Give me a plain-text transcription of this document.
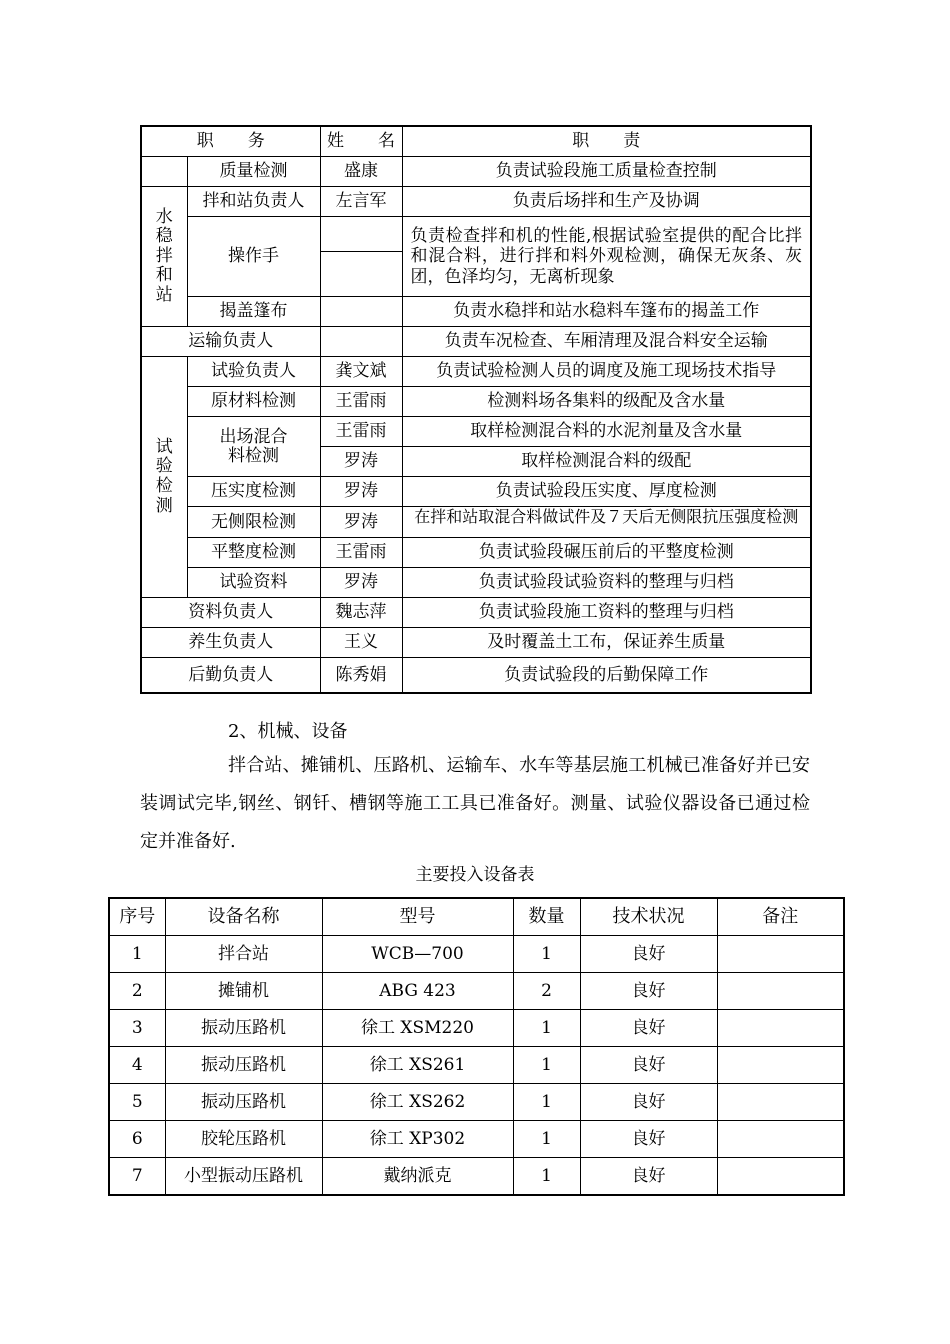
职　　务		姓　　名	职　　责
	质量检测	盛康	负责试验段施工质量检查控制

水稳拌和站	拌和站负责人	左言军	负责后场拌和生产及协调
	操作手		负责检查拌和机的性能,根据试验室提供的配合比拌和混合料，进行拌和料外观检测，确保无灰条、灰团，色泽均匀，无离析现象

	揭盖篷布		负责水稳拌和站水稳料车篷布的揭盖工作
运输负责人			负责车况检查、车厢清理及混合料安全运输

试验检测	试验负责人	龚文斌	负责试验检测人员的调度及施工现场技术指导
	原材料检测	王雷雨	检测料场各集料的级配及含水量

	出场混合料检测	王雷雨	取样检测混合料的水泥剂量及含水量
		罗涛	取样检测混合料的级配
	压实度检测	罗涛	负责试验段压实度、厚度检测
	无侧限检测	罗涛	在拌和站取混合料做试件及７天后无侧限抗压强度检测

	平整度检测	王雷雨	负责试验段碾压前后的平整度检测
	试验资料	罗涛	负责试验段试验资料的整理与归档
资料负责人		魏志萍	负责试验段施工资料的整理与归档
养生负责人		王义	及时覆盖土工布，保证养生质量
后勤负责人		陈秀娟	负责试验段的后勤保障工作
2、机械、设备
拌合站、摊铺机、压路机、运输车、水车等基层施工机械已准备好并已安装调试完毕,钢丝、钢钎、槽钢等施工工具已准备好。测量、试验仪器设备已通过检定并准备好.
主要投入设备表
序号	设备名称	型号	数量	技术状况	备注
1	拌合站	WCB—700	1	良好	
2	摊铺机	ABG 423	2	良好	
3	振动压路机	徐工 XSM220	1	良好	
4	振动压路机	徐工 XS261	1	良好	
5	振动压路机	徐工 XS262	1	良好	
6	胶轮压路机	徐工 XP302	1	良好	
7	小型振动压路机	戴纳派克	1	良好	
